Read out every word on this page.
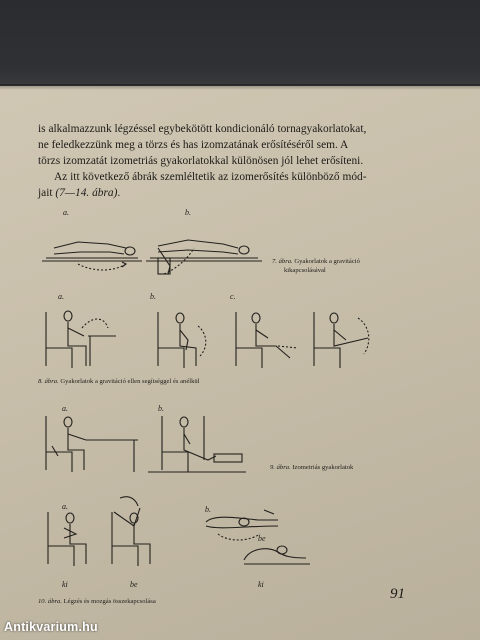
is alkalmazzunk légzéssel egybekötött kondicionáló tornagyakorlatokat,

ne feledkezzünk meg a törzs és has izomzatának erősítéséről sem. A

törzs izomzatát izometriás gyakorlatokkal különösen jól lehet erősíteni.

Az itt következő ábrák szemléltetik az izomerősítés különböző mód-

jait (7—14. ábra).

a.	b.
7. ábra. Gyakorlatok a gravitáció
kikapcsolásával
a.	b.	c.
8. ábra. Gyakorlatok a gravitáció ellen segítséggel és anélkül
a.	b.
9. ábra. Izometriás gyakorlatok
a.	b.
ki	be
be
ki
10. ábra. Légzés és mozgás összekapcsolása	91
Antikvarium.hu
